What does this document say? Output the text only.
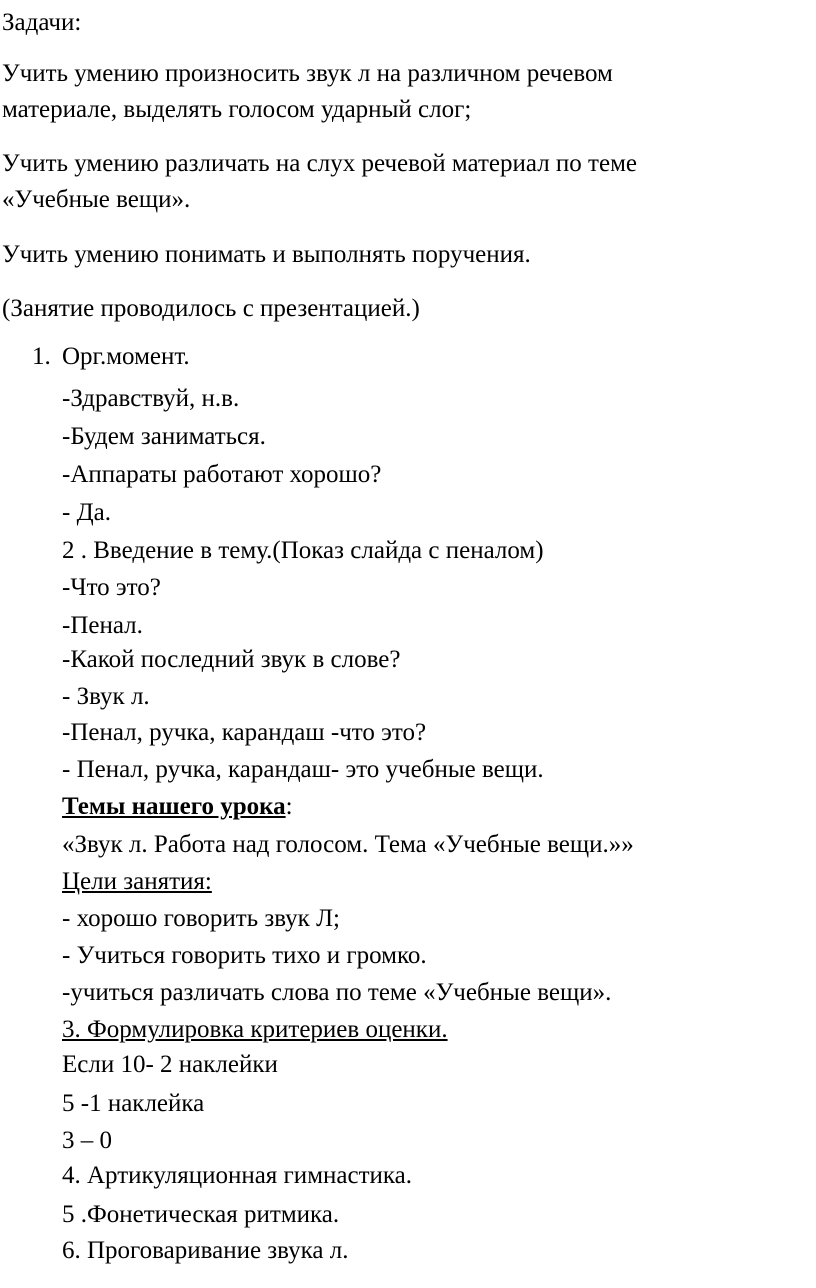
Задачи:
Учить умению произносить звук л на различном речевом
материале, выделять голосом ударный слог;
Учить умению различать на слух речевой материал по теме
«Учебные вещи».
Учить умению понимать и выполнять поручения.
(Занятие проводилось с презентацией.)
1. Орг.момент.
-Здравствуй, н.в.
-Будем заниматься.
-Аппараты работают хорошо?
- Да.
2 . Введение в тему.(Показ слайда с пеналом)
-Что это?
-Пенал.
-Какой последний звук в слове?
- Звук л.
-Пенал, ручка, карандаш -что это?
- Пенал, ручка, карандаш- это учебные вещи.
Темы нашего урока:
«Звук л. Работа над голосом. Тема «Учебные вещи.»»
Цели занятия:
- хорошо говорить звук Л;
- Учиться говорить тихо и громко.
-учиться различать слова по теме «Учебные вещи».
3. Формулировка критериев оценки.
Если 10- 2 наклейки
5 -1 наклейка
3 – 0
4. Артикуляционная гимнастика.
5 .Фонетическая ритмика.
6. Проговаривание звука л.
